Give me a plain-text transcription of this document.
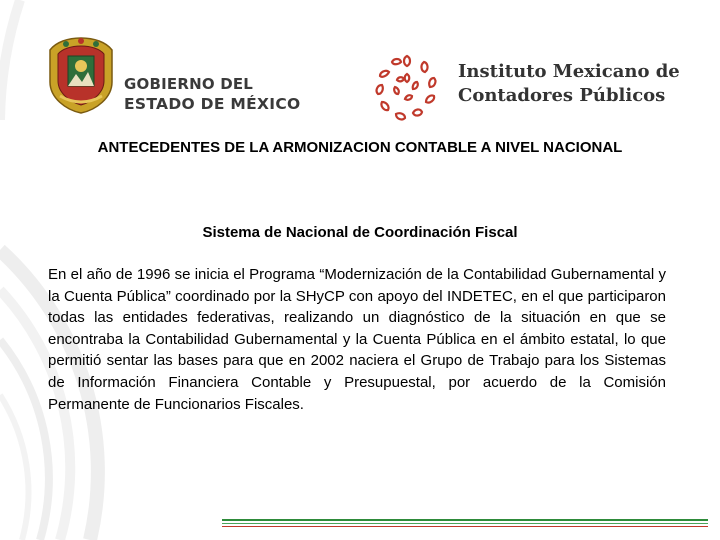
GOBIERNO DEL
ESTADO DE MÉXICO
Instituto Mexicano de
Contadores Públicos
ANTECEDENTES DE LA ARMONIZACION CONTABLE A NIVEL NACIONAL
Sistema de Nacional de Coordinación Fiscal
En el año de 1996 se inicia el Programa “Modernización de la Contabilidad Gubernamental y la Cuenta Pública” coordinado por la SHyCP con apoyo del INDETEC, en el que participaron todas las entidades federativas, realizando un diagnóstico de la situación en que se encontraba la Contabilidad Gubernamental y la Cuenta Pública en el ámbito estatal, lo que permitió sentar las bases para que en 2002 naciera el Grupo de Trabajo para los Sistemas de Información Financiera Contable y Presupuestal, por acuerdo de la Comisión Permanente de Funcionarios Fiscales.
